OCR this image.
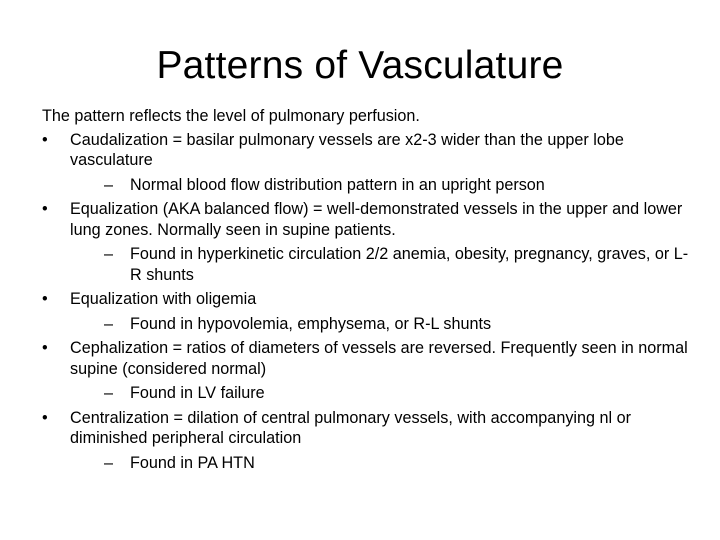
Patterns of Vasculature

The pattern reflects the level of pulmonary perfusion.

•	Caudalization = basilar pulmonary vessels are x2-3 wider than the upper lobe vasculature
– Normal blood flow distribution pattern in an upright person
•	Equalization (AKA balanced flow) = well-demonstrated vessels in the upper and lower lung zones. Normally seen in supine patients.
– Found in hyperkinetic circulation 2/2 anemia, obesity, pregnancy, graves, or L-R shunts
•	Equalization with oligemia
– Found in hypovolemia, emphysema, or R-L shunts
•	Cephalization = ratios of diameters of vessels are reversed. Frequently seen in normal supine (considered normal)
– Found in LV failure
•	Centralization = dilation of central pulmonary vessels, with accompanying nl or diminished peripheral circulation
– Found in PA HTN
